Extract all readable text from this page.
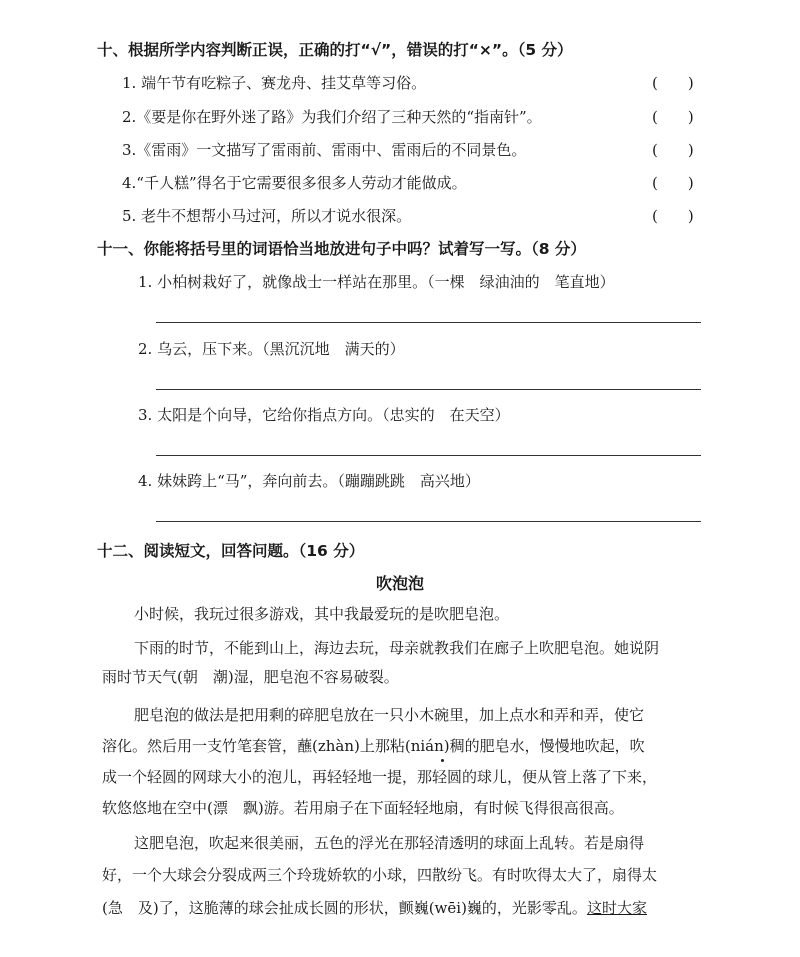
十、根据所学内容判断正误，正确的打“√”，错误的打“×”。（5 分）
1. 端午节有吃粽子、赛龙舟、挂艾草等习俗。	(　　)
2.《要是你在野外迷了路》为我们介绍了三种天然的“指南针”。	(　　)
3.《雷雨》一文描写了雷雨前、雷雨中、雷雨后的不同景色。	(　　)
4.“千人糕”得名于它需要很多很多人劳动才能做成。	(　　)
5. 老牛不想帮小马过河，所以才说水很深。	(　　)
十一、你能将括号里的词语恰当地放进句子中吗？试着写一写。（8 分）
1. 小柏树栽好了，就像战士一样站在那里。（一棵　绿油油的　笔直地）
2. 乌云，压下来。（黑沉沉地　满天的）
3. 太阳是个向导，它给你指点方向。（忠实的　在天空）
4. 妹妹跨上“马”，奔向前去。（蹦蹦跳跳　高兴地）
十二、阅读短文，回答问题。（16 分）
吹泡泡
小时候，我玩过很多游戏，其中我最爱玩的是吹肥皂泡。
下雨的时节，不能到山上，海边去玩，母亲就教我们在廊子上吹肥皂泡。她说阴
雨时节天气(朝　潮)湿，肥皂泡不容易破裂。
肥皂泡的做法是把用剩的碎肥皂放在一只小木碗里，加上点水和弄和弄，使它
溶化。然后用一支竹笔套管，蘸(zhàn)上那粘(nián)稠的肥皂水，慢慢地吹起，吹
成一个轻圆的网球大小的泡儿，再轻轻地一提，那轻圆的球儿，便从管上落了下来，
软悠悠地在空中(漂　飘)游。若用扇子在下面轻轻地扇，有时候飞得很高很高。
这肥皂泡，吹起来很美丽，五色的浮光在那轻清透明的球面上乱转。若是扇得
好，一个大球会分裂成两三个玲珑娇软的小球，四散纷飞。有时吹得太大了，扇得太
(急　及)了，这脆薄的球会扯成长圆的形状，颤巍(wēi)巍的，光影零乱。这时大家
